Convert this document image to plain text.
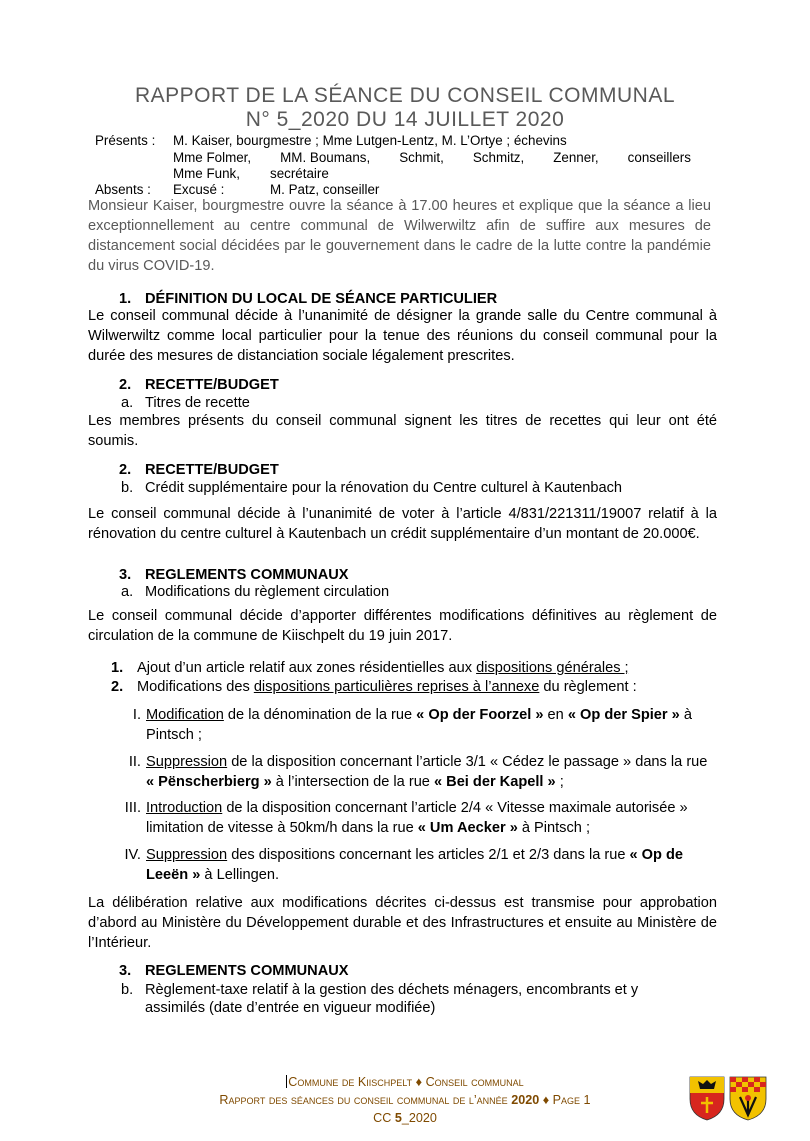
RAPPORT DE LA SÉANCE DU CONSEIL COMMUNAL
N° 5_2020 DU 14 JUILLET 2020
Présents : M. Kaiser, bourgmestre ; Mme Lutgen-Lentz, M. L’Ortye ; échevins
Mme Folmer, MM. Boumans, Schmit, Schmitz, Zenner, conseillers
Mme Funk, secrétaire
Absents : Excusé :	M. Patz, conseiller
Monsieur Kaiser, bourgmestre ouvre la séance à 17.00 heures et explique que la séance a lieu exceptionnellement au centre communal de Wilwerwiltz afin de suffire aux mesures de distancement social décidées par le gouvernement dans le cadre de la lutte contre la pandémie du virus COVID-19.
1. DÉFINITION DU LOCAL DE SÉANCE PARTICULIER
Le conseil communal décide à l’unanimité de désigner la grande salle du Centre communal à Wilwerwiltz comme local particulier pour la tenue des réunions du conseil communal pour la durée des mesures de distanciation sociale légalement prescrites.
2. RECETTE/BUDGET
a. Titres de recette
Les membres présents du conseil communal signent les titres de recettes qui leur ont été soumis.
2. RECETTE/BUDGET
b. Crédit supplémentaire pour la rénovation du Centre culturel à Kautenbach
Le conseil communal décide à l’unanimité de voter à l’article 4/831/221311/19007 relatif à la rénovation du centre culturel à Kautenbach un crédit supplémentaire d’un montant de 20.000€.
3. REGLEMENTS COMMUNAUX
a. Modifications du règlement circulation
Le conseil communal décide d’apporter différentes modifications définitives au règlement de circulation de la commune de Kiischpelt du 19 juin 2017.
1. Ajout d’un article relatif aux zones résidentielles aux dispositions générales ;
2. Modifications des dispositions particulières reprises à l’annexe du règlement :
I. Modification de la dénomination de la rue « Op der Foorzel » en « Op der Spier » à Pintsch ;
II. Suppression de la disposition concernant l’article 3/1 « Cédez le passage » dans la rue « Pënscherbierg » à l’intersection de la rue « Bei der Kapell » ;
III. Introduction de la disposition concernant l’article 2/4 « Vitesse maximale autorisée » limitation de vitesse à 50km/h dans la rue « Um Aecker » à Pintsch ;
IV. Suppression des dispositions concernant les articles 2/1 et 2/3 dans la rue « Op de Leeën » à Lellingen.
La délibération relative aux modifications décrites ci-dessus est transmise pour approbation d’abord au Ministère du Développement durable et des Infrastructures et ensuite au Ministère de l’Intérieur.
3. REGLEMENTS COMMUNAUX
b. Règlement-taxe relatif à la gestion des déchets ménagers, encombrants et y
assimilés (date d’entrée en vigueur modifiée)
Commune de Kiischpelt ♦ Conseil communal
Rapport des séances du conseil communal de l’année 2020 ♦ Page 1
CC 5_2020
